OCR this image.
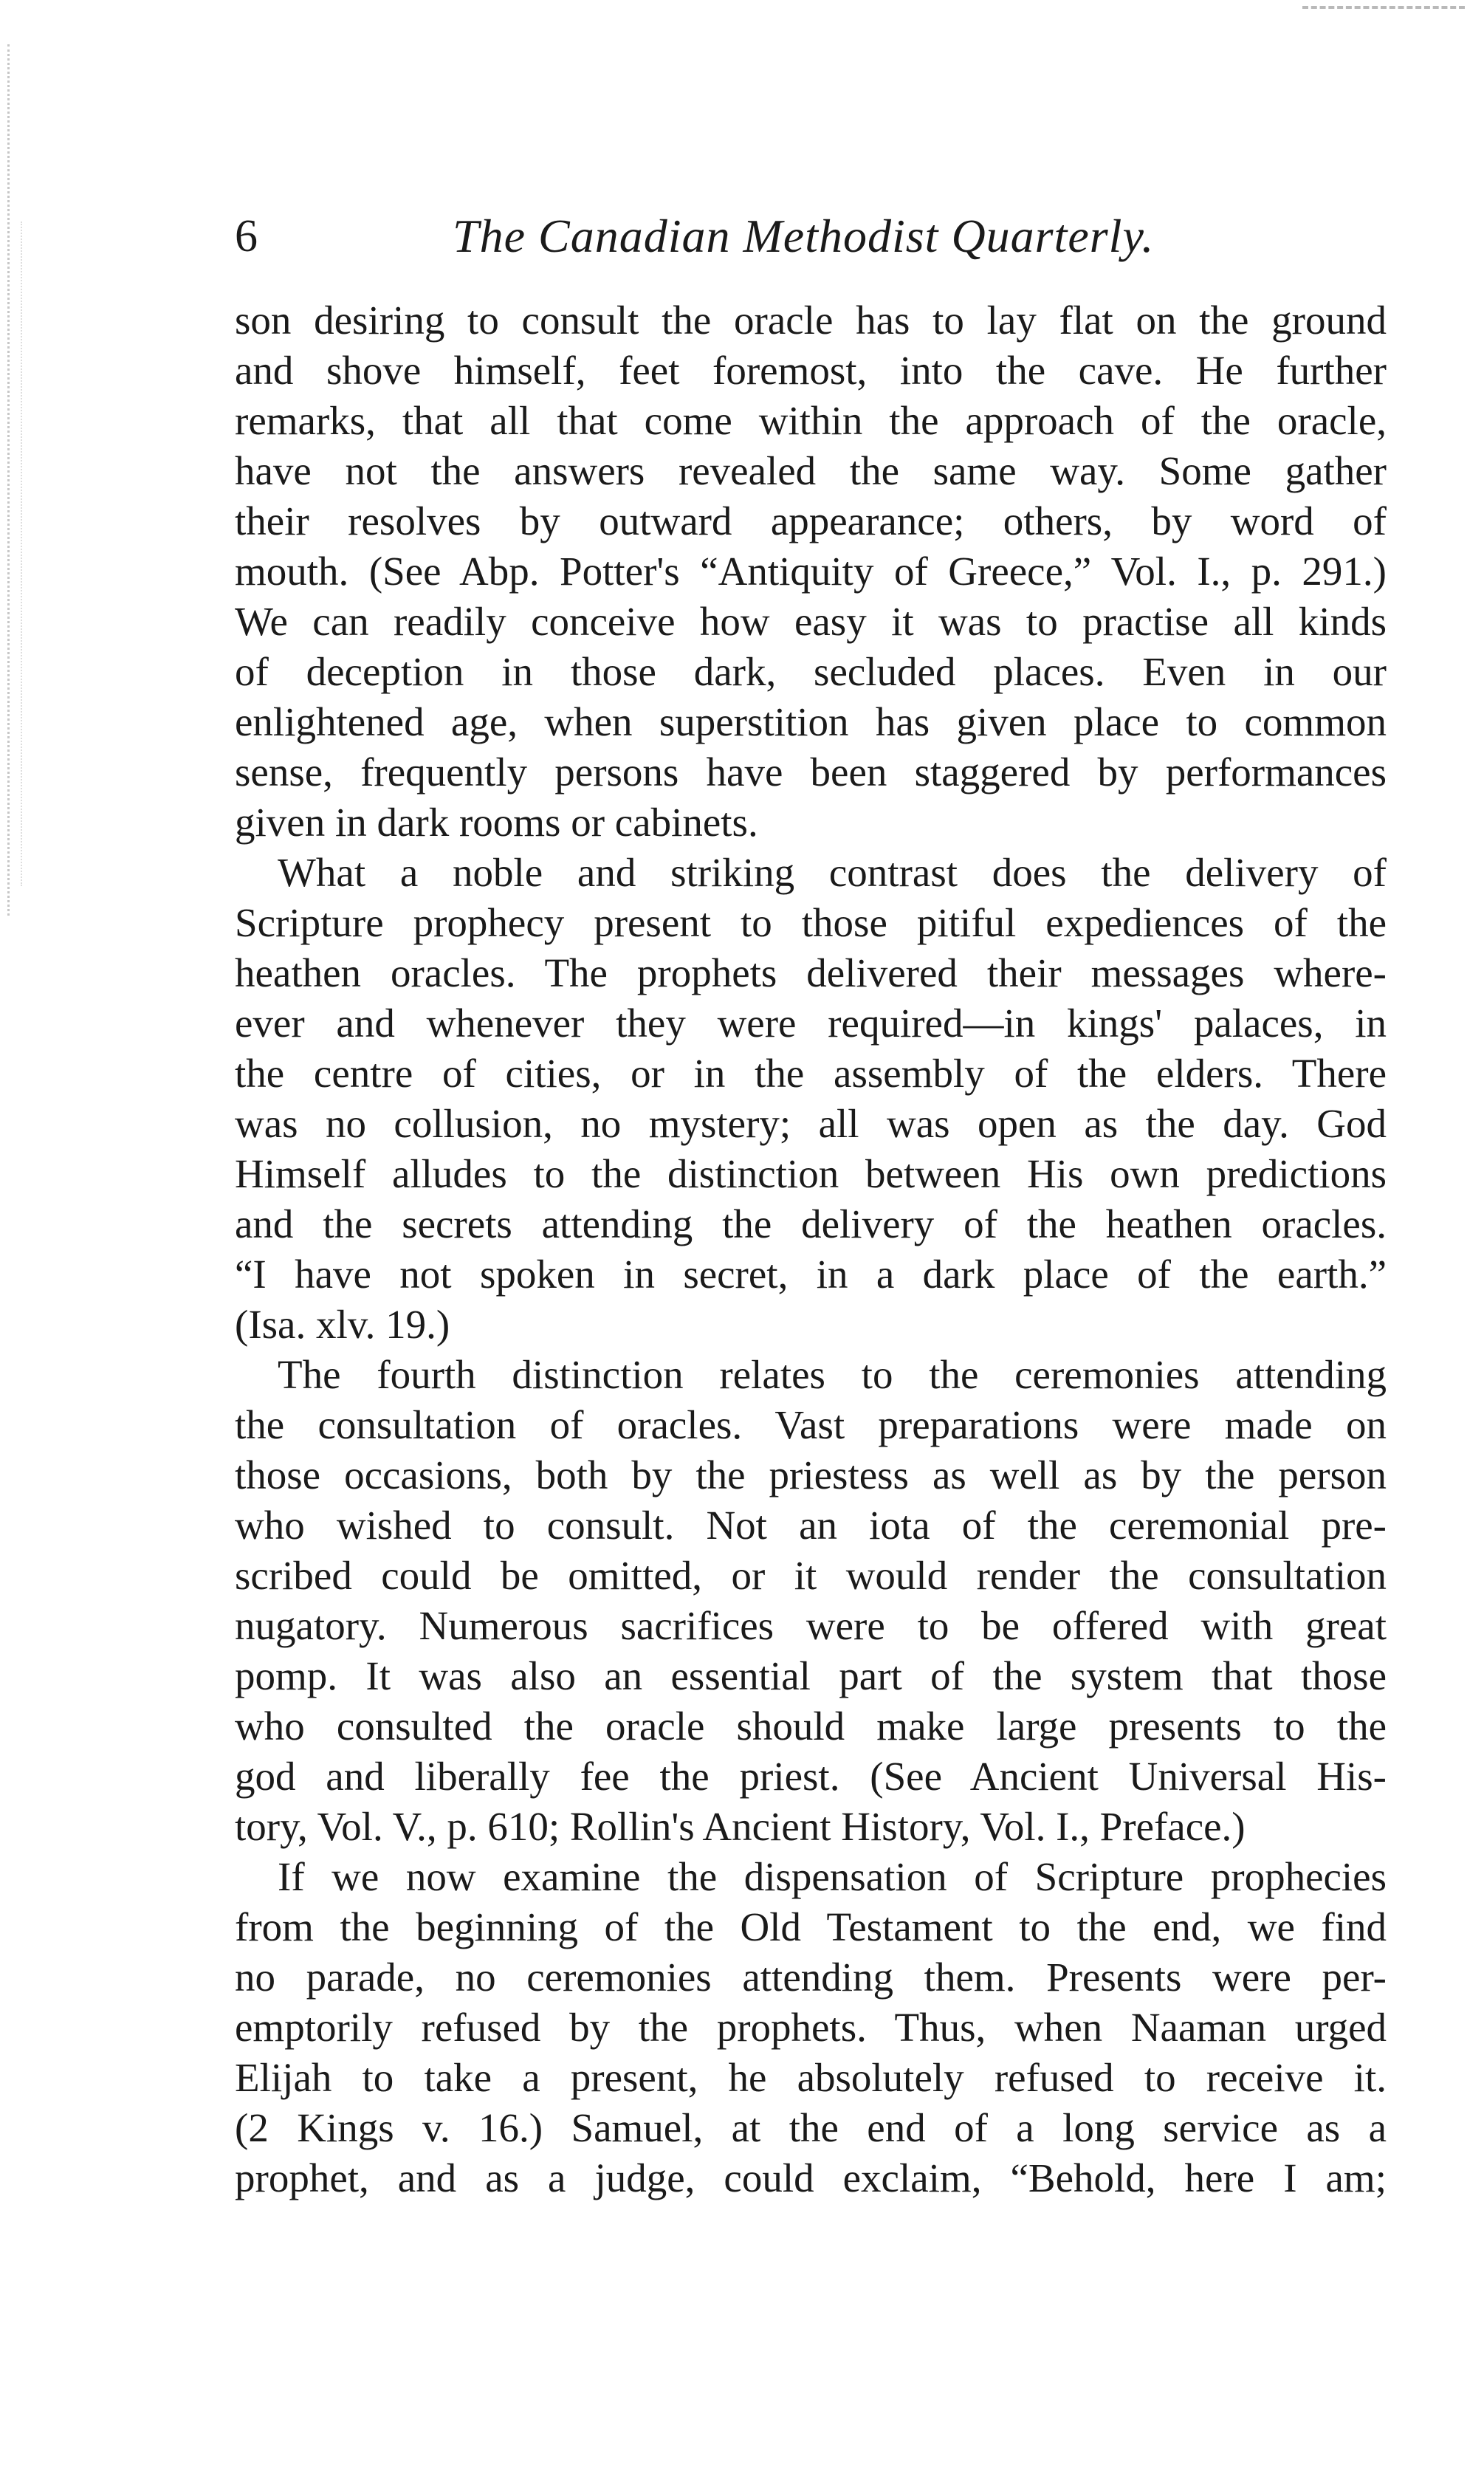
6	The Canadian Methodist Quarterly.

son desiring to consult the oracle has to lay flat on the ground

and shove himself, feet foremost, into the cave. He further

remarks, that all that come within the approach of the oracle,

have not the answers revealed the same way. Some gather

their resolves by outward appearance; others, by word of

mouth. (See Abp. Potter's “Antiquity of Greece,” Vol. I., p. 291.)

We can readily conceive how easy it was to practise all kinds

of deception in those dark, secluded places. Even in our

enlightened age, when superstition has given place to common

sense, frequently persons have been staggered by performances

given in dark rooms or cabinets.

What a noble and striking contrast does the delivery of

Scripture prophecy present to those pitiful expediences of the

heathen oracles. The prophets delivered their messages where-

ever and whenever they were required—in kings' palaces, in

the centre of cities, or in the assembly of the elders. There

was no collusion, no mystery; all was open as the day. God

Himself alludes to the distinction between His own predictions

and the secrets attending the delivery of the heathen oracles.

“I have not spoken in secret, in a dark place of the earth.”

(Isa. xlv. 19.)

The fourth distinction relates to the ceremonies attending

the consultation of oracles. Vast preparations were made on

those occasions, both by the priestess as well as by the person

who wished to consult. Not an iota of the ceremonial pre-

scribed could be omitted, or it would render the consultation

nugatory. Numerous sacrifices were to be offered with great

pomp. It was also an essential part of the system that those

who consulted the oracle should make large presents to the

god and liberally fee the priest. (See Ancient Universal His-

tory, Vol. V., p. 610; Rollin's Ancient History, Vol. I., Preface.)

If we now examine the dispensation of Scripture prophecies

from the beginning of the Old Testament to the end, we find

no parade, no ceremonies attending them. Presents were per-

emptorily refused by the prophets. Thus, when Naaman urged

Elijah to take a present, he absolutely refused to receive it.

(2 Kings v. 16.) Samuel, at the end of a long service as a

prophet, and as a judge, could exclaim, “Behold, here I am;
